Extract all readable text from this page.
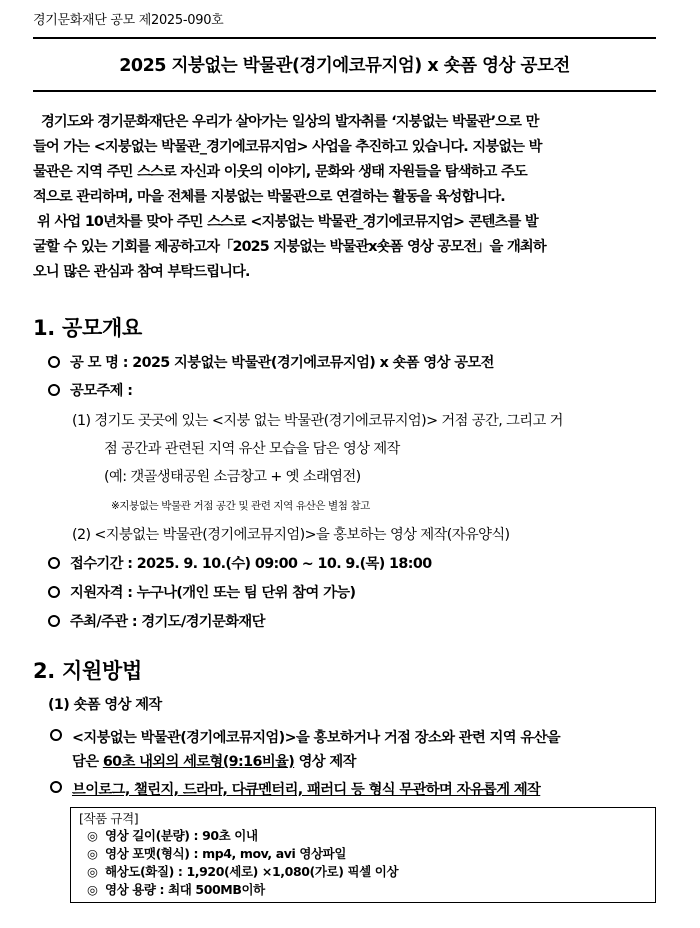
경기문화재단 공모 제2025-090호
2025 지붕없는 박물관(경기에코뮤지엄) x 숏폼 영상 공모전

경기도와 경기문화재단은 우리가 살아가는 일상의 발자취를 ‘지붕없는 박물관’으로 만

들어 가는 <지붕없는 박물관_경기에코뮤지엄> 사업을 추진하고 있습니다. 지붕없는 박

물관은 지역 주민 스스로 자신과 이웃의 이야기, 문화와 생태 자원들을 탐색하고 주도

적으로 관리하며, 마을 전체를 지붕없는 박물관으로 연결하는 활동을 육성합니다.

위 사업 10년차를 맞아 주민 스스로 <지붕없는 박물관_경기에코뮤지엄> 콘텐츠를 발

굴할 수 있는 기회를 제공하고자「2025 지붕없는 박물관x숏폼 영상 공모전」을 개최하

오니 많은 관심과 참여 부탁드립니다.

1. 공모개요
공 모 명 : 2025 지붕없는 박물관(경기에코뮤지엄) x 숏폼 영상 공모전
공모주제 :
(1) 경기도 곳곳에 있는 <지붕 없는 박물관(경기에코뮤지엄)> 거점 공간, 그리고 거
점 공간과 관련된 지역 유산 모습을 담은 영상 제작
(예: 갯골생태공원 소금창고 + 옛 소래염전)
※지붕없는 박물관 거점 공간 및 관련 지역 유산은 별첨 참고
(2) <지붕없는 박물관(경기에코뮤지엄)>을 홍보하는 영상 제작(자유양식)
접수기간 : 2025. 9. 10.(수) 09:00 ~ 10. 9.(목) 18:00
지원자격 : 누구나(개인 또는 팀 단위 참여 가능)
주최/주관 : 경기도/경기문화재단
2. 지원방법
(1) 숏폼 영상 제작
<지붕없는 박물관(경기에코뮤지엄)>을 홍보하거나 거점 장소와 관련 지역 유산을
담은 60초 내외의 세로형(9:16비율) 영상 제작
브이로그, 챌린지, 드라마, 다큐멘터리, 패러디 등 형식 무관하며 자유롭게 제작
[작품 규격]
◎ 영상 길이(분량) : 90초 이내
◎ 영상 포맷(형식) : mp4, mov, avi 영상파일
◎ 해상도(화질) : 1,920(세로) ×1,080(가로) 픽셀 이상
◎ 영상 용량 : 최대 500MB이하
